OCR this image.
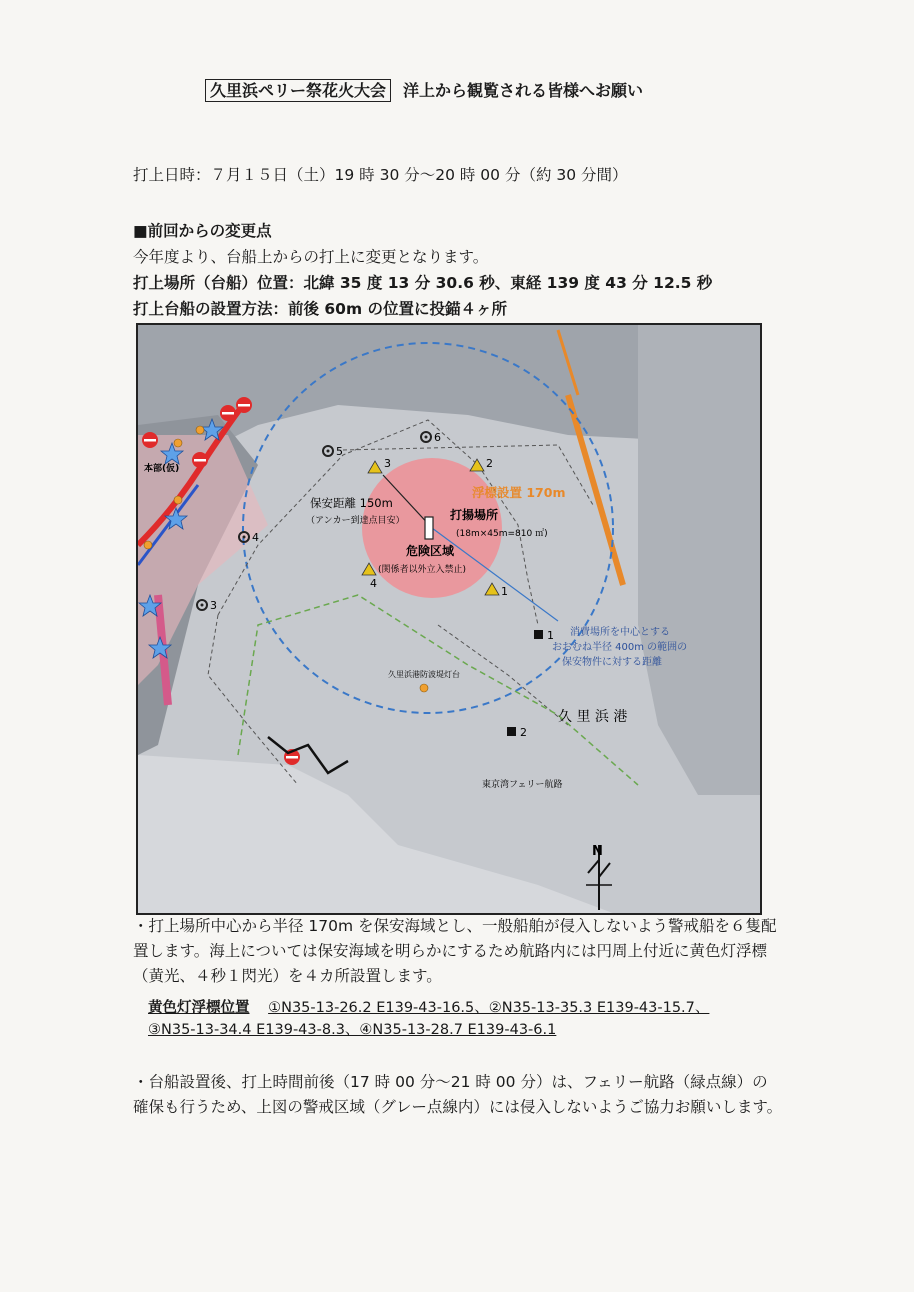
久里浜ペリー祭花火大会 洋上から観覧される皆様へお願い
打上日時：７月１５日（土）19 時 30 分～20 時 00 分（約 30 分間）
■前回からの変更点
今年度より、台船上からの打上に変更となります。
打上場所（台船）位置：北緯 35 度 13 分 30.6 秒、東経 139 度 43 分 12.5 秒
打上台船の設置方法：前後 60m の位置に投錨４ヶ所
1
2
3
4
3
4
5
6
1
2
本部(仮)
保安距離 150m
（アンカー到達点目安）	打揚場所
(18m×45m=810 ㎡)
危険区域
(関係者以外立入禁止)
浮標設置 170m
消費場所を中心とする
おおむね半径 400m の範囲の
保安物件に対する距離
久 里 浜 港
久里浜港防波堤灯台
東京湾フェリー航路
N
・打上場所中心から半径 170m を保安海域とし、一般船舶が侵入しないよう警戒船を６隻配置します。海上については保安海域を明らかにするため航路内には円周上付近に黄色灯浮標（黄光、４秒１閃光）を４カ所設置します。
黄色灯浮標位置 ①N35-13-26.2 E139-43-16.5、②N35-13-35.3 E139-43-15.7、
③N35-13-34.4 E139-43-8.3、④N35-13-28.7 E139-43-6.1
・台船設置後、打上時間前後（17 時 00 分～21 時 00 分）は、フェリー航路（緑点線）の確保も行うため、上図の警戒区域（グレー点線内）には侵入しないようご協力お願いします。
